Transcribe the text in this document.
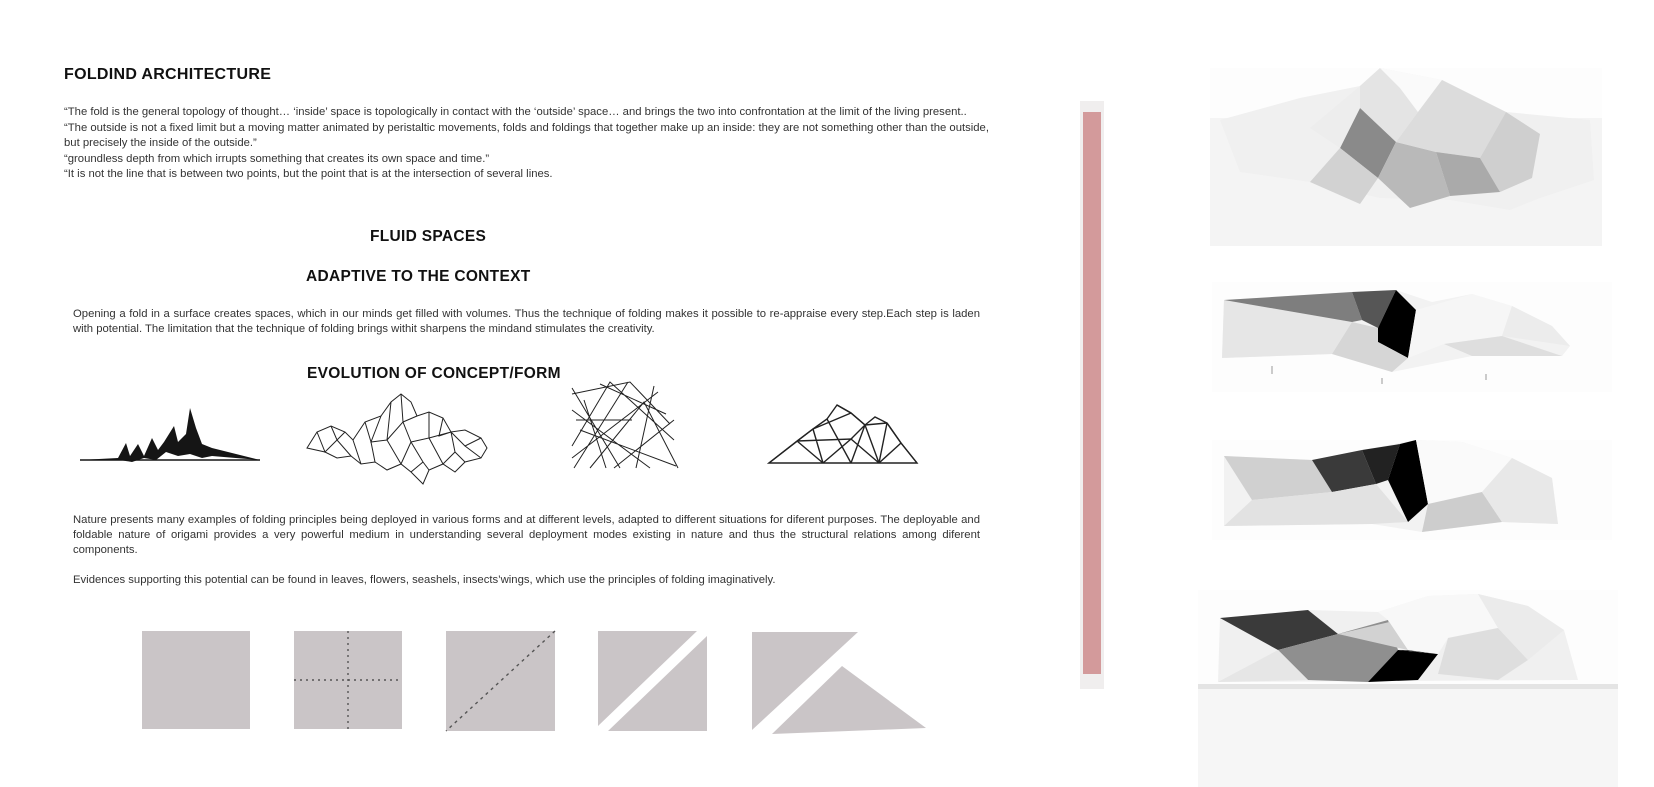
FOLDIND ARCHITECTURE
“The fold is the general topology of thought… ‘inside’ space is topologically in contact with the ‘outside’ space… and brings the two into confrontation at the limit of the living present..
“The outside is not a fixed limit but a moving matter animated by peristaltic movements, folds and foldings that together make up an inside: they are not something other than the outside, but precisely the inside of the outside.”
“groundless depth from which irrupts something that creates its own space and time.”
“It is not the line that is between two points, but the point that is at the intersection of several lines.
FLUID SPACES
ADAPTIVE TO THE CONTEXT
Opening a fold in a surface creates spaces, which in our minds get filled with volumes. Thus the technique of folding makes it possible to re-appraise every step.Each step is laden with potential. The limitation that the technique of folding brings withit sharpens the mindand stimulates the creativity.
EVOLUTION OF CONCEPT/FORM
Nature presents many examples of folding principles being deployed in various forms and at different levels, adapted to different situations for diferent purposes. The deployable and foldable nature of origami provides a very powerful medium in understanding several deployment modes existing in nature and thus the structural relations among diferent components.
Evidences supporting this potential can be found in leaves, flowers, seashels, insects’wings, which use the principles of folding imaginatively.
